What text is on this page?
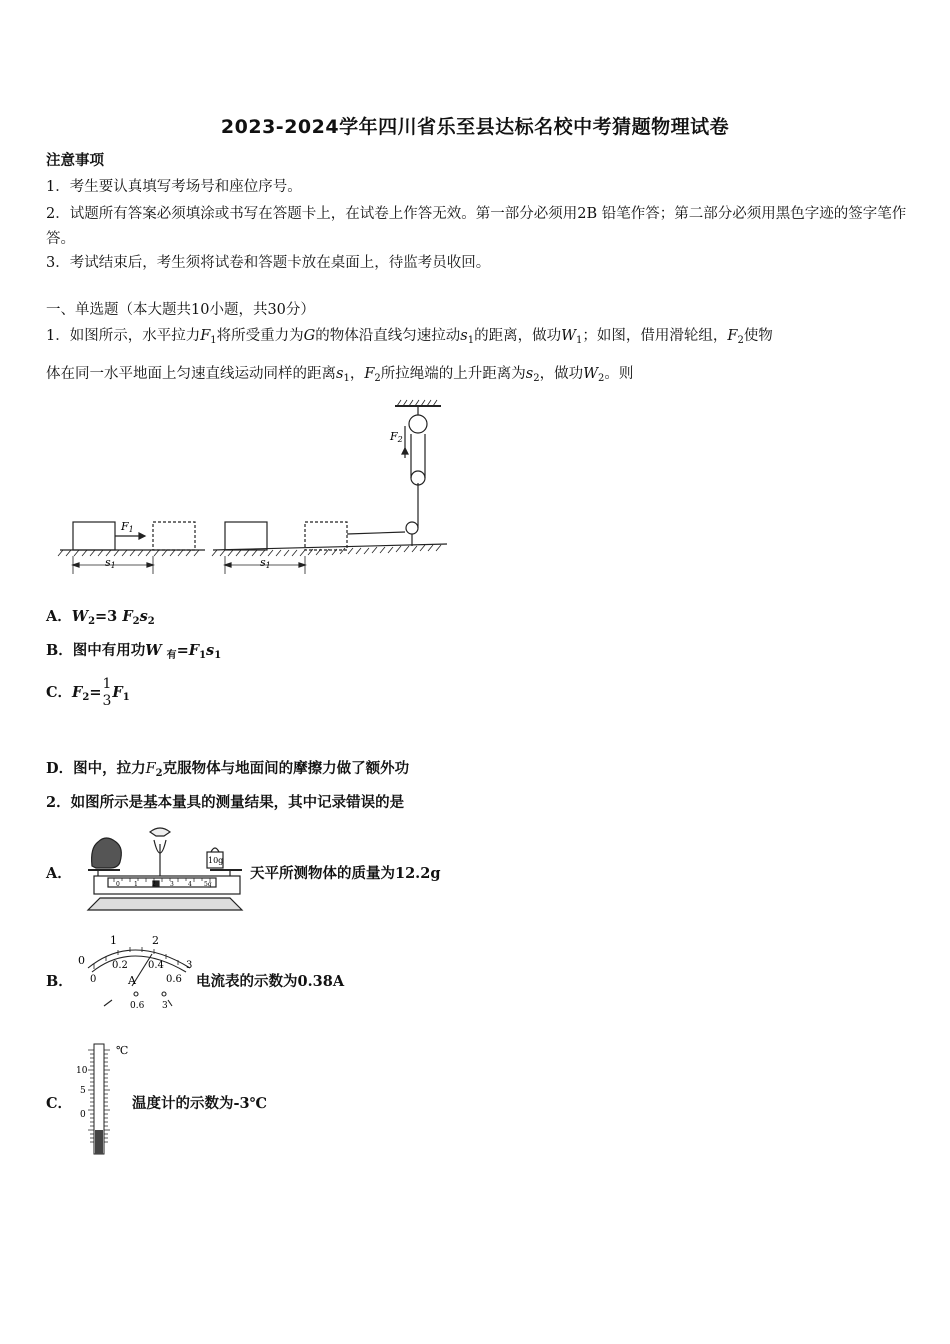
2023-2024学年四川省乐至县达标名校中考猜题物理试卷
注意事项
1．考生要认真填写考场号和座位序号。
2．试题所有答案必须填涂或书写在答题卡上，在试卷上作答无效。第一部分必须用2B 铅笔作答；第二部分必须用黑色字迹的签字笔作答。
3．考试结束后，考生须将试卷和答题卡放在桌面上，待监考员收回。
一、单选题（本大题共10小题，共30分）
1．如图所示，水平拉力$F_1$将所受重力为G的物体沿直线匀速拉动$s_1$的距离，做功$W_1$；如图，借用滑轮组，$F_2$使物
体在同一水平地面上匀速直线运动同样的距离$s_1$，$F_2$所拉绳端的上升距离为$s_2$，做功$W_2$。则
F1
F2
s1	s1
A．$W_2=3$ $F_2s_2$
B．图中有用功W $_有=F_1s_1$
C．$F_2= 1$
3 $F_1$
D．图中，拉力$F_2$克服物体与地面间的摩擦力做了额外功
2．如图所示是基本量具的测量结果，其中记录错误的是
A．
10g
0 1 2 3 4 5g
天平所测物体的质量为12.2g
B．
0
1	2
3
0
0.2 0.4
0.6
A
0.6 3
电流表的示数为0.38A
C．
℃
10
5
0
温度计的示数为-3℃
